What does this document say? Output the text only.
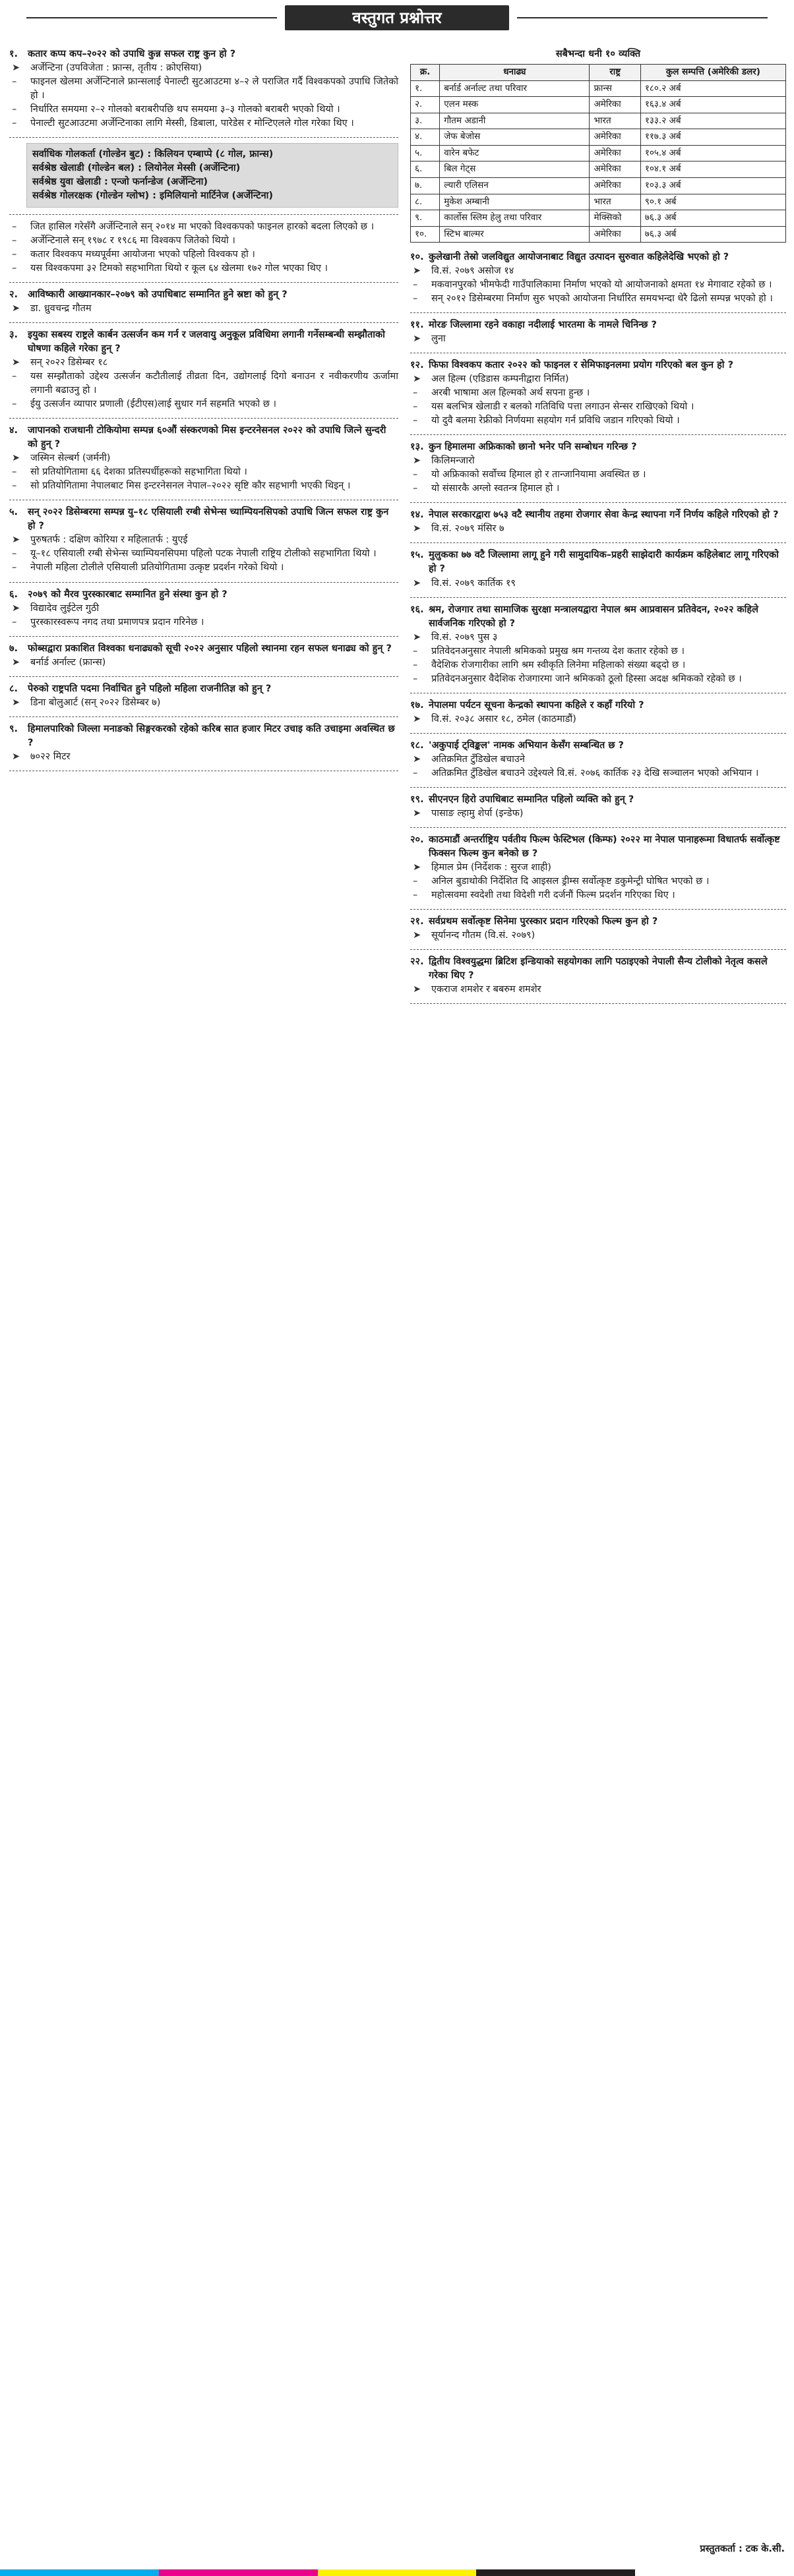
वस्तुगत प्रश्नोत्तर
१.	कतार कप्प कप–२०२२ को उपाधि कुन्न सफल राष्ट्र कुन हो ?
➤	अर्जेन्टिना (उपविजेता : फ्रान्स, तृतीय : क्रोएसिया)
–	फाइनल खेलमा अर्जेन्टिनाले फ्रान्सलाई पेनाल्टी सुटआउटमा ४–२ ले पराजित गर्दै विश्वकपको उपाधि जितेको हो ।
–	निर्धारित समयमा २–२ गोलको बराबरीपछि थप समयमा ३–३ गोलको बराबरी भएको थियो ।
–	पेनाल्टी सुटआउटमा अर्जेन्टिनाका लागि मेस्सी, डिबाला, पारेडेस र मोन्टिएलले गोल गरेका थिए ।
सर्वाधिक गोलकर्ता (गोल्डेन बुट) : किलियन एम्बाप्पे (८ गोल, फ्रान्स)
सर्वश्रेष्ठ खेलाडी (गोल्डेन बल) : लियोनेल मेस्सी (अर्जेन्टिना)
सर्वश्रेष्ठ युवा खेलाडी : एन्जो फर्नान्डेज (अर्जेन्टिना)
सर्वश्रेष्ठ गोलरक्षक (गोल्डेन ग्लोभ) : इमिलियानो मार्टिनेज (अर्जेन्टिना)
–	जित हासिल गरेसँगै अर्जेन्टिनाले सन् २०१४ मा भएको विश्वकपको फाइनल हारको बदला लिएको छ ।
–	अर्जेन्टिनाले सन् १९७८ र १९८६ मा विश्वकप जितेको थियो ।
–	कतार विश्वकप मध्यपूर्वमा आयोजना भएको पहिलो विश्वकप हो ।
–	यस विश्वकपमा ३२ टिमको सहभागिता थियो र कूल ६४ खेलमा १७२ गोल भएका थिए ।
२.	आविष्कारी आख्यानकार–२०७९ को उपाधिबाट सम्मानित हुने स्रष्टा को हुन् ?
➤	डा. ध्रुवचन्द्र गौतम
३.	इयुका सबस्य राष्ट्रले कार्बन उत्सर्जन कम गर्न र जलवायु अनुकूल प्रविधिमा लगानी गर्नेसम्बन्धी सम्झौताको घोषणा कहिले गरेका हुन् ?
➤	सन् २०२२ डिसेम्बर १८
–	यस सम्झौताको उद्देश्य उत्सर्जन कटौतीलाई तीव्रता दिन, उद्योगलाई दिगो बनाउन र नवीकरणीय ऊर्जामा लगानी बढाउनु हो ।
–	ईयु उत्सर्जन व्यापार प्रणाली (ईटीएस)लाई सुधार गर्न सहमति भएको छ ।
४.	जापानको राजधानी टोकियोमा सम्पन्न ६०औं संस्करणको मिस इन्टरनेसनल २०२२ को उपाधि जित्ने सुन्दरी को हुन् ?
➤	जस्मिन सेल्बर्ग (जर्मनी)
–	सो प्रतियोगितामा ६६ देशका प्रतिस्पर्धीहरूको सहभागिता थियो ।
–	सो प्रतियोगितामा नेपालबाट मिस इन्टरनेसनल नेपाल–२०२२ सृष्टि कौर सहभागी भएकी थिइन् ।
५.	सन् २०२२ डिसेम्बरमा सम्पन्न यु–१८ एसियाली रग्बी सेभेन्स च्याम्पियनसिपको उपाधि जित्न सफल राष्ट्र कुन हो ?
➤	पुरुषतर्फ : दक्षिण कोरिया र महिलातर्फ : युएई
–	यू–१८ एसियाली रग्बी सेभेन्स च्याम्पियनसिपमा पहिलो पटक नेपाली राष्ट्रिय टोलीको सहभागिता थियो ।
–	नेपाली महिला टोलीले एसियाली प्रतियोगितामा उत्कृष्ट प्रदर्शन गरेको थियो ।
६.	२०७९ को मैरव पुरस्कारबाट सम्मानित हुने संस्था कुन हो ?
➤	विद्यादेव लुईटेल गुठी
–	पुरस्कारस्वरूप नगद तथा प्रमाणपत्र प्रदान गरिनेछ ।
७.	फोब्सद्वारा प्रकाशित विश्वका धनाढ्यको सूची २०२२ अनुसार पहिलो स्थानमा रहन सफल धनाढ्य को हुन् ?
➤	बर्नार्ड अर्नाल्ट (फ्रान्स)
८.	पेरुको राष्ट्रपति पदमा निर्वाचित हुने पहिलो महिला राजनीतिज्ञ को हुन् ?
➤	डिना बोलुआर्ट (सन् २०२२ डिसेम्बर ७)
९.	हिमालपारिको जिल्ला मनाङको सिङ्गरकरको रहेको करिब सात हजार मिटर उचाइ कति उचाइमा अवस्थित छ ?
➤	७०२२ मिटर
सबैभन्दा धनी १० व्यक्ति
क्र.	धनाढ्य	राष्ट्र	कुल सम्पत्ति (अमेरिकी डलर)
१.	बर्नार्ड अर्नाल्ट तथा परिवार	फ्रान्स	१८०.२ अर्ब
२.	एलन मस्क	अमेरिका	१६३.४ अर्ब
३.	गौतम अडानी	भारत	१३३.२ अर्ब
४.	जेफ बेजोस	अमेरिका	११७.३ अर्ब
५.	वारेन बफेट	अमेरिका	१०५.४ अर्ब
६.	बिल गेट्स	अमेरिका	१०४.१ अर्ब
७.	ल्यारी एलिसन	अमेरिका	१०३.३ अर्ब
८.	मुकेश अम्बानी	भारत	९०.१ अर्ब
९.	कार्लोस स्लिम हेलु तथा परिवार	मेक्सिको	७६.३ अर्ब
१०.	स्टिभ बाल्मर	अमेरिका	७६.३ अर्ब
१०. कुलेखानी तेस्रो जलविद्युत आयोजनाबाट विद्युत उत्पादन सुरुवात कहिलेदेखि भएको हो ?
➤	वि.सं. २०७९ असोज १४
–	मकवानपुरको भीमफेदी गाउँपालिकामा निर्माण भएको यो आयोजनाको क्षमता १४ मेगावाट रहेको छ ।
–	सन् २०१२ डिसेम्बरमा निर्माण सुरु भएको आयोजना निर्धारित समयभन्दा धेरै ढिलो सम्पन्न भएको हो ।
११. मोरङ जिल्लामा रहने वकाहा नदीलाई भारतमा के नामले चिनिन्छ ?
➤	लुना
१२. फिफा विश्वकप कतार २०२२ को फाइनल र सेमिफाइनलमा प्रयोग गरिएको बल कुन हो ?
➤	अल हिल्म (एडिडास कम्पनीद्वारा निर्मित)
–	अरबी भाषामा अल हिल्मको अर्थ सपना हुन्छ ।
–	यस बलभित्र खेलाडी र बलको गतिविधि पत्ता लगाउन सेन्सर राखिएको थियो ।
–	यो दुवै बलमा रेफ्रीको निर्णयमा सहयोग गर्न प्रविधि जडान गरिएको थियो ।
१३. कुन हिमालमा अफ्रिकाको छानो भनेर पनि सम्बोधन गरिन्छ ?
➤	किलिमन्जारो
–	यो अफ्रिकाको सर्वोच्च हिमाल हो र तान्जानियामा अवस्थित छ ।
–	यो संसारकै अग्लो स्वतन्त्र हिमाल हो ।
१४. नेपाल सरकारद्वारा ७५३ वटै स्थानीय तहमा रोजगार सेवा केन्द्र स्थापना गर्ने निर्णय कहिले गरिएको हो ?
➤	वि.सं. २०७९ मंसिर ७
१५. मुलुकका ७७ वटै जिल्लामा लागू हुने गरी सामुदायिक–प्रहरी साझेदारी कार्यक्रम कहिलेबाट लागू गरिएको हो ?
➤	वि.सं. २०७९ कार्तिक १९
१६. श्रम, रोजगार तथा सामाजिक सुरक्षा मन्त्रालयद्वारा नेपाल श्रम आप्रवासन प्रतिवेदन, २०२२ कहिले सार्वजनिक गरिएको हो ?
➤	वि.सं. २०७९ पुस ३
–	प्रतिवेदनअनुसार नेपाली श्रमिकको प्रमुख श्रम गन्तव्य देश कतार रहेको छ ।
–	वैदेशिक रोजगारीका लागि श्रम स्वीकृति लिनेमा महिलाको संख्या बढ्दो छ ।
–	प्रतिवेदनअनुसार वैदेशिक रोजगारमा जाने श्रमिकको ठूलो हिस्सा अदक्ष श्रमिकको रहेको छ ।
१७. नेपालमा पर्यटन सूचना केन्द्रको स्थापना कहिले र कहाँ गरियो ?
➤	वि.सं. २०३८ असार १८, ठमेल (काठमाडौं)
१८. 'अकुपाई ट्विङ्कल' नामक अभियान केसँग सम्बन्धित छ ?
➤	अतिक्रमित टुँडिखेल बचाउने
–	अतिक्रमित टुँडिखेल बचाउने उद्देश्यले वि.सं. २०७६ कार्तिक २३ देखि सञ्चालन भएको अभियान ।
१९. सीएनएन हिरो उपाधिबाट सम्मानित पहिलो व्यक्ति को हुन् ?
➤	पासाङ ल्हामु शेर्पा (इन्डेफ)
२०. काठमाडौं अन्तर्राष्ट्रिय पर्वतीय फिल्म फेस्टिभल (किम्फ) २०२२ मा नेपाल पानाहरूमा विधातर्फ सर्वोत्कृष्ट फिक्सन फिल्म कुन बनेको छ ?
➤	हिमाल प्रेम (निर्देशक : सुरज शाही)
–	अनिल बुडाथोकी निर्देशित दि आइसल ड्रीम्स सर्वोत्कृष्ट डकुमेन्ट्री घोषित भएको छ ।
–	महोत्सवमा स्वदेशी तथा विदेशी गरी दर्जनौं फिल्म प्रदर्शन गरिएका थिए ।
२१. सर्वप्रथम सर्वोत्कृष्ट सिनेमा पुरस्कार प्रदान गरिएको फिल्म कुन हो ?
➤	सूर्यानन्द गौतम (वि.सं. २०७९)
२२. द्वितीय विश्वयुद्धमा ब्रिटिश इन्डियाको सहयोगका लागि पठाइएको नेपाली सैन्य टोलीको नेतृत्व कसले गरेका थिए ?
➤	एकराज शमशेर र बबरुम शमशेर
प्रस्तुतकर्ता : टक के.सी.
